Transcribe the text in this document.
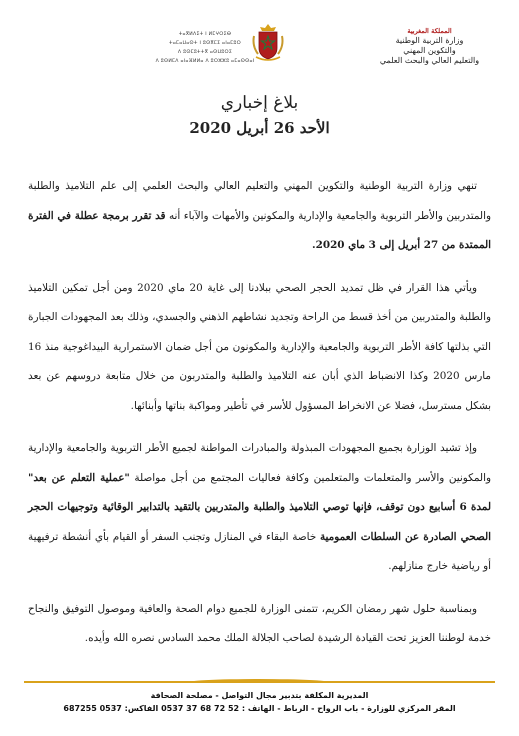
ⵜⴰⴳⵍⴷⵉⵜ ⵏ ⵍⵎⵖⵔⵉⴱ
ⵜⴰⵎⴰⵡⴰⵙⵜ ⵏ ⵓⵙⴳⵎⵉ ⴰⵏⴰⵎⵓⵔ
ⴷ ⵓⵙⵎⵓⵜⵜⴳ ⴰⵙⵡⵓⵔⵉ
ⴷ ⵓⵙⵍⵎⴷ ⴰⵏⴰⴼⵍⵍⴰ ⴷ ⵓⵔⵣⵣⵓ ⴰⵎⴰⵙⵙⴰⵏ
المملكة المغربية
وزارة التربية الوطنية
والتكوين المهني
والتعليم العالي والبحث العلمي
بلاغ إخباري
الأحد 26 أبريل 2020

تنهي وزارة التربية الوطنية والتكوين المهني والتعليم العالي والبحث العلمي إلى علم التلاميذ والطلبة والمتدربين والأطر التربوية والجامعية والإدارية والمكونين والأمهات والآباء أنه قد تقرر برمجة عطلة في الفترة الممتدة من 27 أبريل إلى 3 ماي 2020.

ويأتي هذا القرار في ظل تمديد الحجر الصحي ببلادنا إلى غاية 20 ماي 2020 ومن أجل تمكين التلاميذ والطلبة والمتدربين من أخذ قسط من الراحة وتجديد نشاطهم الذهني والجسدي، وذلك بعد المجهودات الجبارة التي بذلتها كافة الأطر التربوية والجامعية والإدارية والمكونون من أجل ضمان الاستمرارية البيداغوجية منذ 16 مارس 2020 وكذا الانضباط الذي أبان عنه التلاميذ والطلبة والمتدربون من خلال متابعة دروسهم عن بعد بشكل مسترسل، فضلا عن الانخراط المسؤول للأسر في تأطير ومواكبة بناتها وأبنائها.

وإذ تشيد الوزارة بجميع المجهودات المبذولة والمبادرات المواطنة لجميع الأطر التربوية والجامعية والإدارية والمكونين والأسر والمتعلمات والمتعلمين وكافة فعاليات المجتمع من أجل مواصلة "عملية التعلم عن بعد" لمدة 6 أسابيع دون توقف، فإنها توصي التلاميذ والطلبة والمتدربين بالتقيد بالتدابير الوقائية وتوجيهات الحجر الصحي الصادرة عن السلطات العمومية خاصة البقاء في المنازل وتجنب السفر أو القيام بأي أنشطة ترفيهية أو رياضية خارج منازلهم.

وبمناسبة حلول شهر رمضان الكريم، تتمنى الوزارة للجميع دوام الصحة والعافية وموصول التوفيق والنجاح خدمة لوطننا العزيز تحت القيادة الرشيدة لصاحب الجلالة الملك محمد السادس نصره الله وأيده.

المديرية المكلفة بتدبير مجال التواصل - مصلحة الصحافة
المقر المركزي للوزارة - باب الرواح - الرباط - الهاتف : 52 72 68 37 0537 الفاكس: 0537 687255
